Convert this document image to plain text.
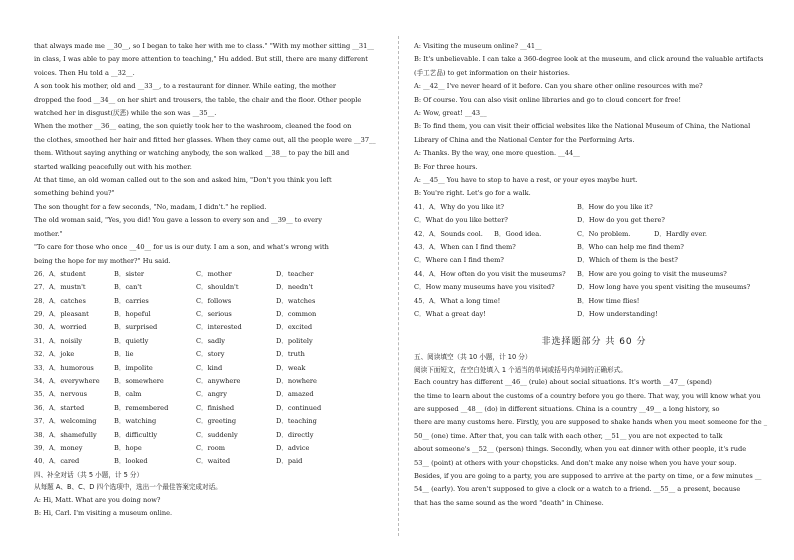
that always made me __30__, so I began to take her with me to class." "With my mother sitting __31__
in class, I was able to pay more attention to teaching," Hu added. But still, there are many different
voices. Then Hu told a __32__.
A son took his mother, old and __33__, to a restaurant for dinner. While eating, the mother
dropped the food __34__ on her shirt and trousers, the table, the chair and the floor. Other people
watched her in disgust(厌恶) while the son was __35__.
When the mother __36__ eating, the son quietly took her to the washroom, cleaned the food on
the clothes, smoothed her hair and fitted her glasses. When they came out, all the people were __37__
them. Without saying anything or watching anybody, the son walked __38__ to pay the bill and
started walking peacefully out with his mother.
At that time, an old woman called out to the son and asked him, "Don't you think you left
something behind you?"
The son thought for a few seconds, "No, madam, I didn't." he replied.
The old woman said, "Yes, you did! You gave a lesson to every son and __39__ to every
mother."
"To care for those who once __40__ for us is our duty. I am a son, and what's wrong with
being the hope for my mother?" Hu said.
26．A．student	B．sister	C．mother	D．teacher
27．A．mustn't	B．can't	C．shouldn't	D．needn't
28．A．catches	B．carries	C．follows	D．watches
29．A．pleasant	B．hopeful	C．serious	D．common
30．A．worried	B．surprised	C．interested	D．excited
31．A．noisily	B．quietly	C．sadly	D．politely
32．A．joke	B．lie	C．story	D．truth
33．A．humorous	B．impolite	C．kind	D．weak
34．A．everywhere B．somewhere	C．anywhere	D．nowhere
35．A．nervous	B．calm	C．angry	D．amazed
36．A．started	B．remembered	C．finished	D．continued
37．A．welcoming	B．watching	C．greeting	D．teaching
38．A．shamefully	B．difficultly	C．suddenly	D．directly
39．A．money	B．hope	C．room	D．advice
40．A．cared	B．looked	C．waited	D．paid
四、补全对话（共 5 小题，计 5 分）
从每题 A、B、C、D 四个选项中，选出一个最佳答案完成对话。
A: Hi, Matt. What are you doing now?
B: Hi, Carl. I'm visiting a museum online.
A: Visiting the museum online? __41__
B: It's unbelievable. I can take a 360-degree look at the museum, and click around the valuable artifacts
(手工艺品) to get information on their histories.
A: __42__ I've never heard of it before. Can you share other online resources with me?
B: Of course. You can also visit online libraries and go to cloud concert for free!
A: Wow, great! __43__
B: To find them, you can visit their official websites like the National Museum of China, the National
Library of China and the National Center for the Performing Arts.
A: Thanks. By the way, one more question. __44__
B: For three hours.
A: __45__ You have to stop to have a rest, or your eyes maybe hurt.
B: You're right. Let's go for a walk.
41．A．Why do you like it?	B．How do you like it?
C．What do you like better?	D．How do you get there?
42．A．Sounds cool. B．Good idea.	C．No problem.	D．Hardly ever.
43．A．When can I find them?	B．Who can help me find them?
C．Where can I find them?	D．Which of them is the best?
44．A．How often do you visit the museums? B．How are you going to visit the museums?
C．How many museums have you visited?	D．How long have you spent visiting the museums?
45．A．What a long time!	B．How time flies!
C．What a great day!	D．How understanding!
非选择题部分 共 60 分
五、阅读填空（共 10 小题，计 10 分）
阅读下面短文，在空白处填入 1 个适当的单词或括号内单词的正确形式。
Each country has different __46__ (rule) about social situations. It's worth __47__ (spend)
the time to learn about the customs of a country before you go there. That way, you will know what you
are supposed __48__ (do) in different situations. China is a country __49__ a long history, so
there are many customs here. Firstly, you are supposed to shake hands when you meet someone for the _
50__ (one) time. After that, you can talk with each other, __51__ you are not expected to talk
about someone's __52__ (person) things. Secondly, when you eat dinner with other people, it's rude
53__ (point) at others with your chopsticks. And don't make any noise when you have your soup.
Besides, if you are going to a party, you are supposed to arrive at the party on time, or a few minutes __
54__ (early). You aren't supposed to give a clock or a watch to a friend. __55__ a present, because
that has the same sound as the word "death" in Chinese.
